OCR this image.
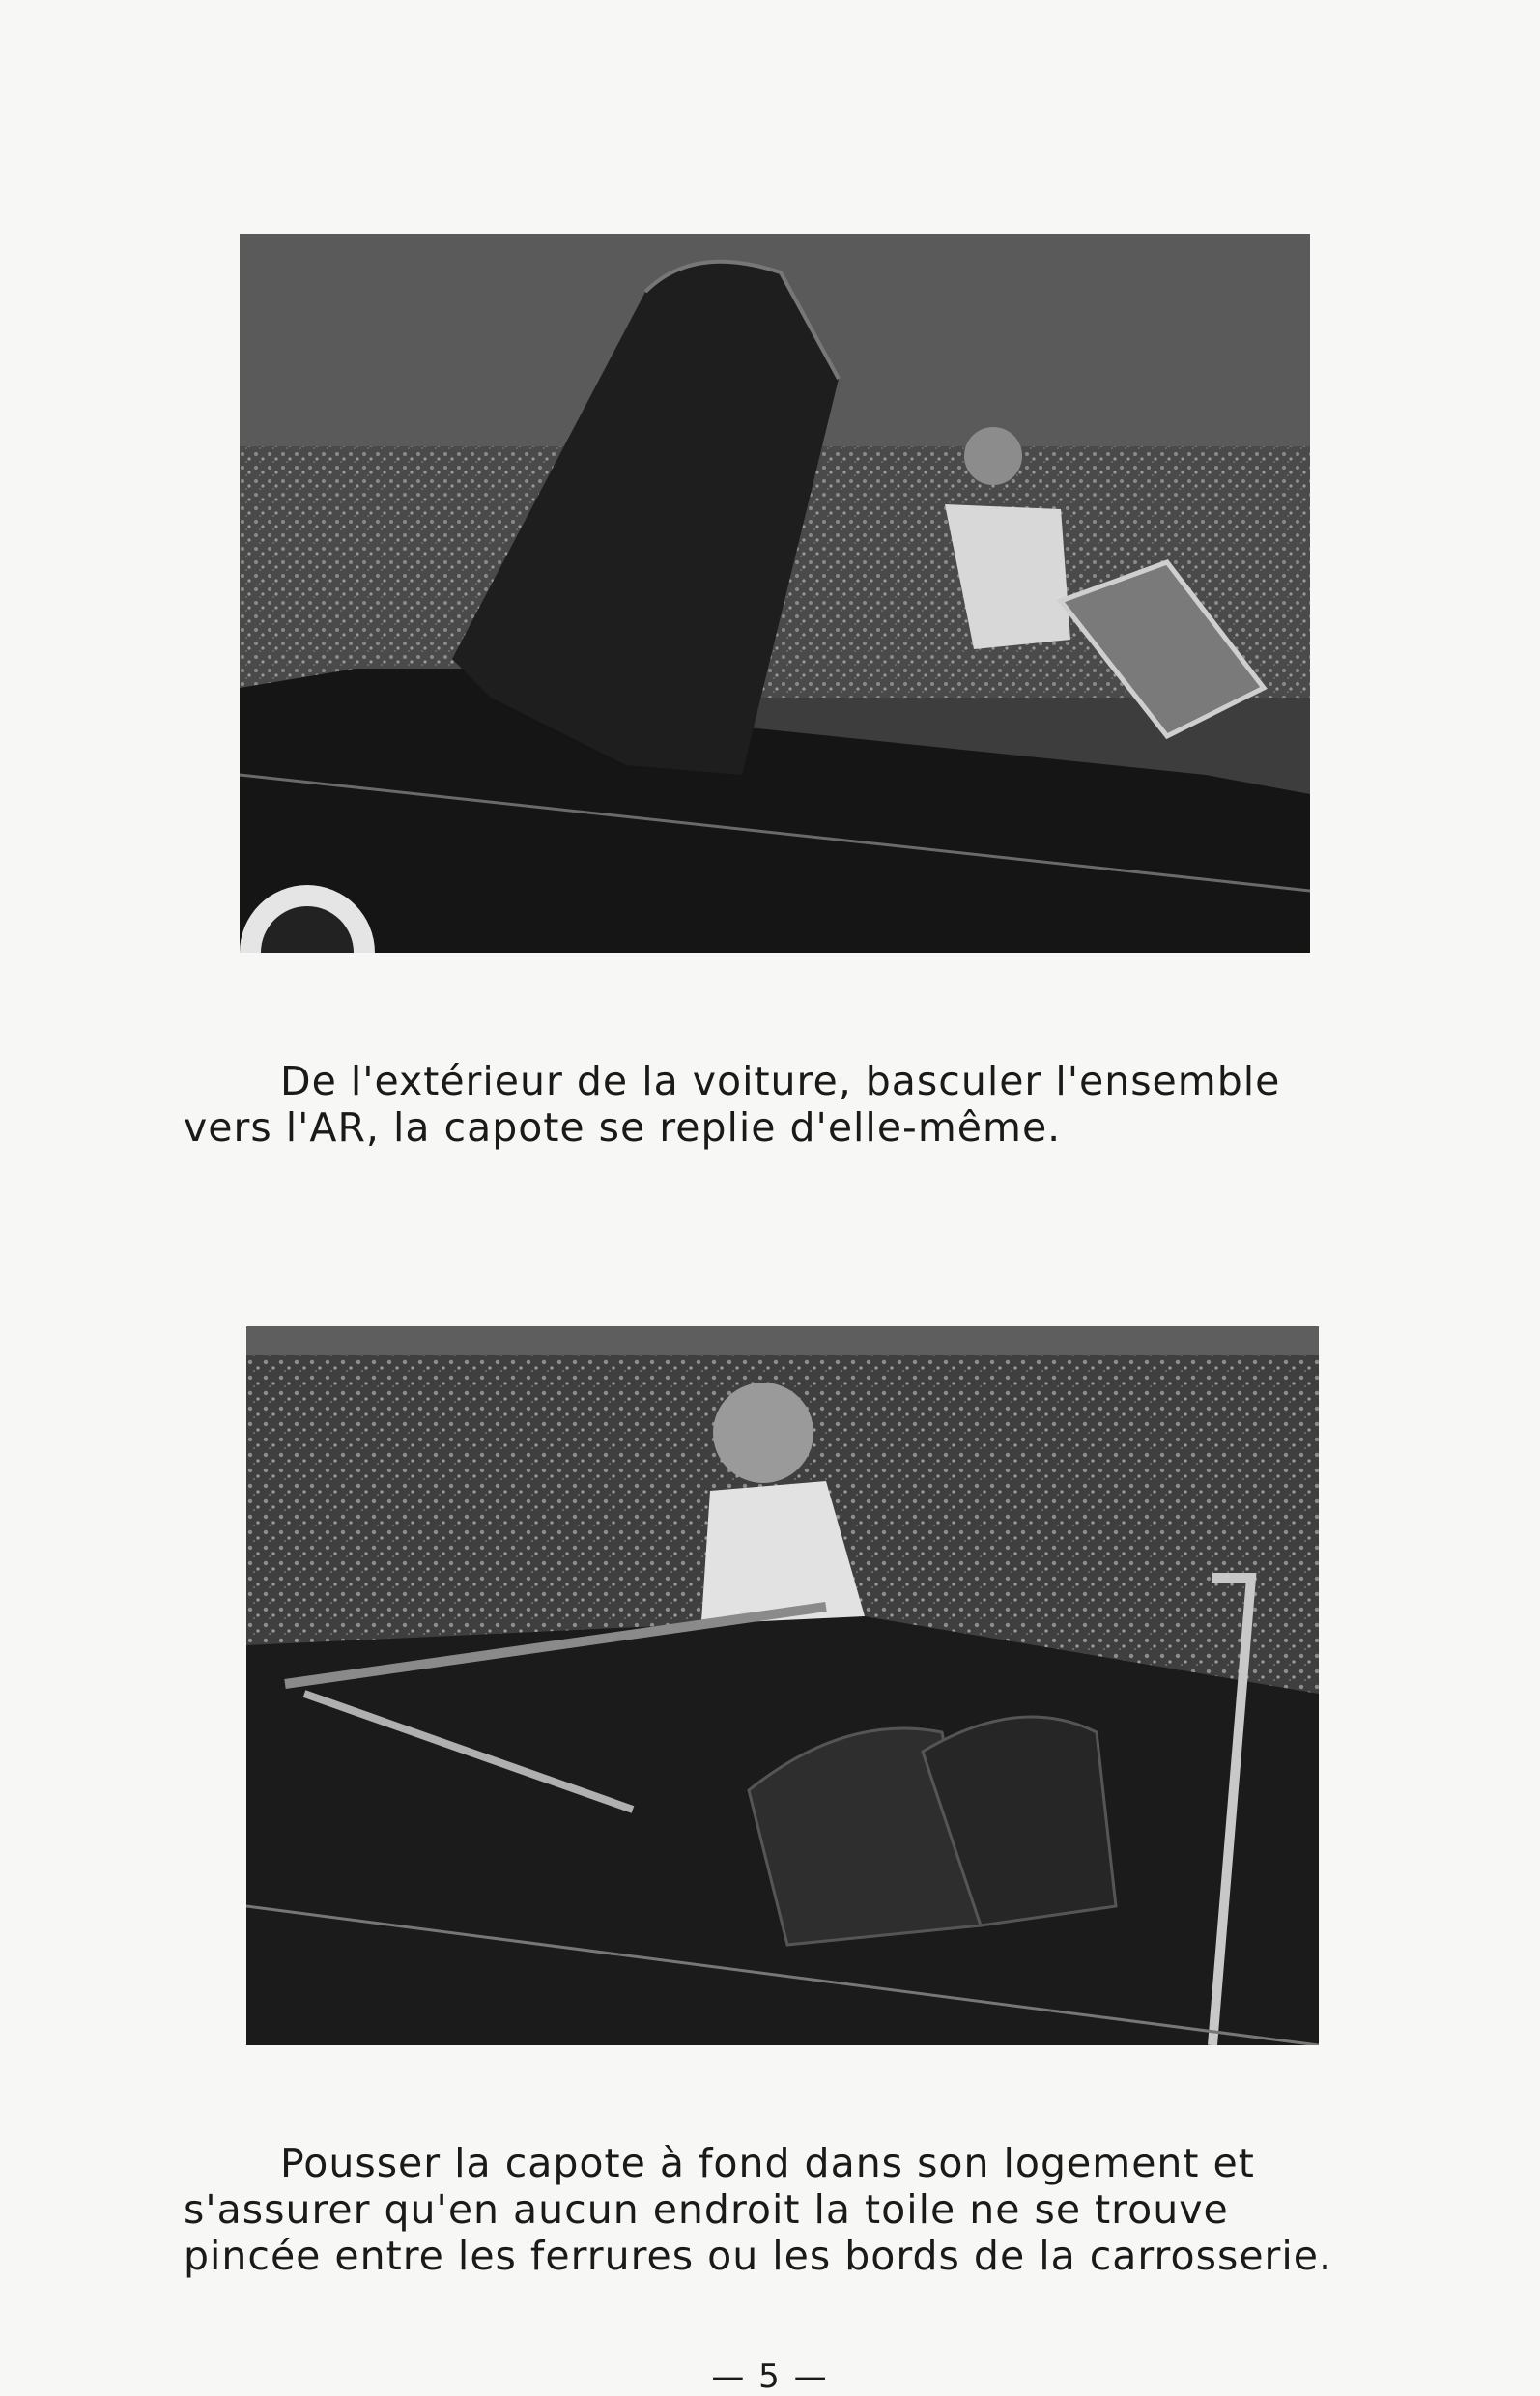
De l'extérieur de la voiture, basculer l'ensemble

vers l'AR, la capote se replie d'elle-même.

Pousser la capote à fond dans son logement et

s'assurer qu'en aucun endroit la toile ne se trouve

pincée entre les ferrures ou les bords de la carrosserie.

— 5 —
